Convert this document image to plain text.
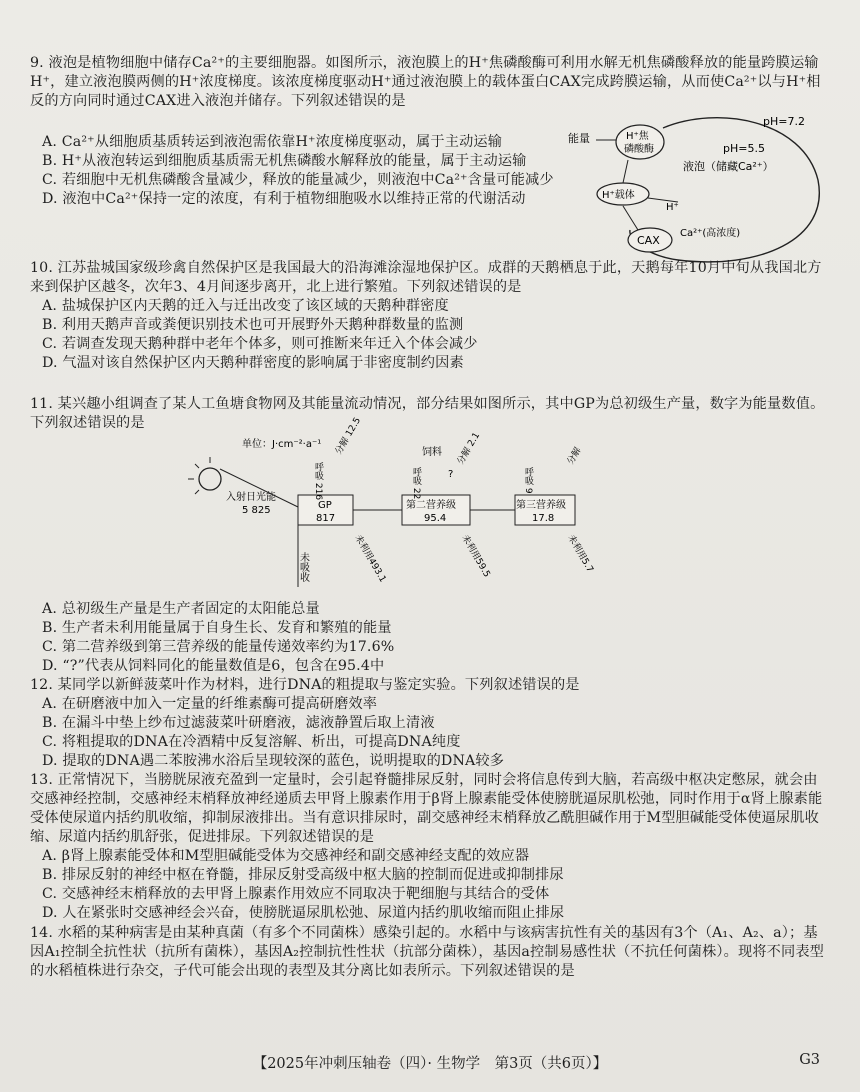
9. 液泡是植物细胞中储存Ca²⁺的主要细胞器。如图所示，液泡膜上的H⁺焦磷酸酶可利用水解无机焦磷酸释放的能量跨膜运输H⁺，建立液泡膜两侧的H⁺浓度梯度。该浓度梯度驱动H⁺通过液泡膜上的载体蛋白CAX完成跨膜运输，从而使Ca²⁺以与H⁺相反的方向同时通过CAX进入液泡并储存。下列叙述错误的是

A. Ca²⁺从细胞质基质转运到液泡需依靠H⁺浓度梯度驱动，属于主动运输

B. H⁺从液泡转运到细胞质基质需无机焦磷酸水解释放的能量，属于主动运输

C. 若细胞中无机焦磷酸含量减少，释放的能量减少，则液泡中Ca²⁺含量可能减少

D. 液泡中Ca²⁺保持一定的浓度，有利于植物细胞吸水以维持正常的代谢活动

pH=7.2
pH=5.5
液泡（储藏Ca²⁺）
能量	H⁺焦
磷酸酶
H⁺载体
H⁺
CAX
Ca²⁺(高浓度)

10. 江苏盐城国家级珍禽自然保护区是我国最大的沿海滩涂湿地保护区。成群的天鹅栖息于此，天鹅每年10月中旬从我国北方来到保护区越冬，次年3、4月间逐步离开，北上进行繁殖。下列叙述错误的是

A. 盐城保护区内天鹅的迁入与迁出改变了该区域的天鹅种群密度

B. 利用天鹅声音或粪便识别技术也可开展野外天鹅种群数量的监测

C. 若调查发现天鹅种群中老年个体多，则可推断来年迁入个体会减少

D. 气温对该自然保护区内天鹅种群密度的影响属于非密度制约因素

11. 某兴趣小组调查了某人工鱼塘食物网及其能量流动情况，部分结果如图所示，其中GP为总初级生产量，数字为能量数值。下列叙述错误的是

单位：J·cm⁻²·a⁻¹
入射日光能
5 825
未吸收
GP
817
呼吸 216
分解 12.5
未利用493.1
第二营养级
95.4
饲料
?
呼吸 22
分解 2.1
未利用59.5
第三营养级
17.8
呼吸 9
分解
未利用5.7

A. 总初级生产量是生产者固定的太阳能总量

B. 生产者未利用能量属于自身生长、发育和繁殖的能量

C. 第二营养级到第三营养级的能量传递效率约为17.6%

D. “?”代表从饲料同化的能量数值是6，包含在95.4中

12. 某同学以新鲜菠菜叶作为材料，进行DNA的粗提取与鉴定实验。下列叙述错误的是

A. 在研磨液中加入一定量的纤维素酶可提高研磨效率

B. 在漏斗中垫上纱布过滤菠菜叶研磨液，滤液静置后取上清液

C. 将粗提取的DNA在冷酒精中反复溶解、析出，可提高DNA纯度

D. 提取的DNA遇二苯胺沸水浴后呈现较深的蓝色，说明提取的DNA较多

13. 正常情况下，当膀胱尿液充盈到一定量时，会引起脊髓排尿反射，同时会将信息传到大脑，若高级中枢决定憋尿，就会由交感神经控制，交感神经末梢释放神经递质去甲肾上腺素作用于β肾上腺素能受体使膀胱逼尿肌松弛，同时作用于α肾上腺素能受体使尿道内括约肌收缩，抑制尿液排出。当有意识排尿时，副交感神经末梢释放乙酰胆碱作用于M型胆碱能受体使逼尿肌收缩、尿道内括约肌舒张，促进排尿。下列叙述错误的是

A. β肾上腺素能受体和M型胆碱能受体为交感神经和副交感神经支配的效应器

B. 排尿反射的神经中枢在脊髓，排尿反射受高级中枢大脑的控制而促进或抑制排尿

C. 交感神经末梢释放的去甲肾上腺素作用效应不同取决于靶细胞与其结合的受体

D. 人在紧张时交感神经会兴奋，使膀胱逼尿肌松弛、尿道内括约肌收缩而阻止排尿

14. 水稻的某种病害是由某种真菌（有多个不同菌株）感染引起的。水稻中与该病害抗性有关的基因有3个（A₁、A₂、a）；基因A₁控制全抗性状（抗所有菌株），基因A₂控制抗性性状（抗部分菌株），基因a控制易感性状（不抗任何菌株）。现将不同表型的水稻植株进行杂交，子代可能会出现的表型及其分离比如表所示。下列叙述错误的是

【2025年冲刺压轴卷（四）· 生物学　第3页（共6页）】	G3
